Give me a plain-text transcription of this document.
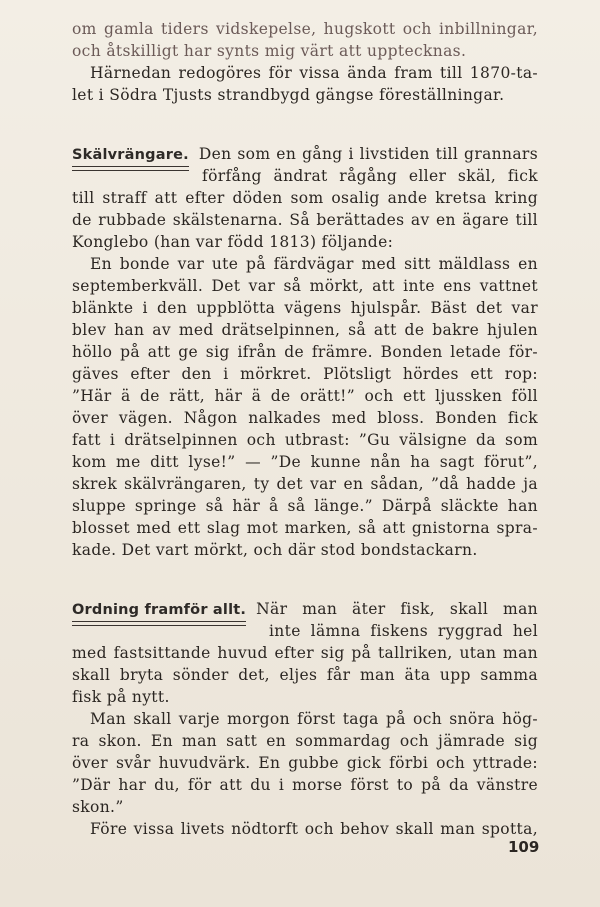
om gamla tiders vidskepelse, hugskott och inbillningar,
och åtskilligt har synts mig värt att upptecknas.
Härnedan redogöres för vissa ända fram till 1870-ta-
let i Södra Tjusts strandbygd gängse föreställningar.
Skälvrängare. Den som en gång i livstiden till grannars
förfång ändrat rågång eller skäl, fick
till straff att efter döden som osalig ande kretsa kring
de rubbade skälstenarna. Så berättades av en ägare till
Konglebo (han var född 1813) följande:
En bonde var ute på färdvägar med sitt mäldlass en
septemberkväll. Det var så mörkt, att inte ens vattnet
blänkte i den uppblötta vägens hjulspår. Bäst det var
blev han av med drätselpinnen, så att de bakre hjulen
höllo på att ge sig ifrån de främre. Bonden letade för-
gäves efter den i mörkret. Plötsligt hördes ett rop:
”Här ä de rätt, här ä de orätt!” och ett ljussken föll
över vägen. Någon nalkades med bloss. Bonden fick
fatt i drätselpinnen och utbrast: ”Gu välsigne da som
kom me ditt lyse!” — ”De kunne nån ha sagt förut”,
skrek skälvrängaren, ty det var en sådan, ”då hadde ja
sluppe springe så här å så länge.” Därpå släckte han
blosset med ett slag mot marken, så att gnistorna spra-
kade. Det vart mörkt, och där stod bondstackarn.
Ordning framför allt. När man äter fisk, skall man
inte lämna fiskens ryggrad hel
med fastsittande huvud efter sig på tallriken, utan man
skall bryta sönder det, eljes får man äta upp samma
fisk på nytt.
Man skall varje morgon först taga på och snöra hög-
ra skon. En man satt en sommardag och jämrade sig
över svår huvudvärk. En gubbe gick förbi och yttrade:
”Där har du, för att du i morse först to på da vänstre
skon.”
Före vissa livets nödtorft och behov skall man spotta,
109
